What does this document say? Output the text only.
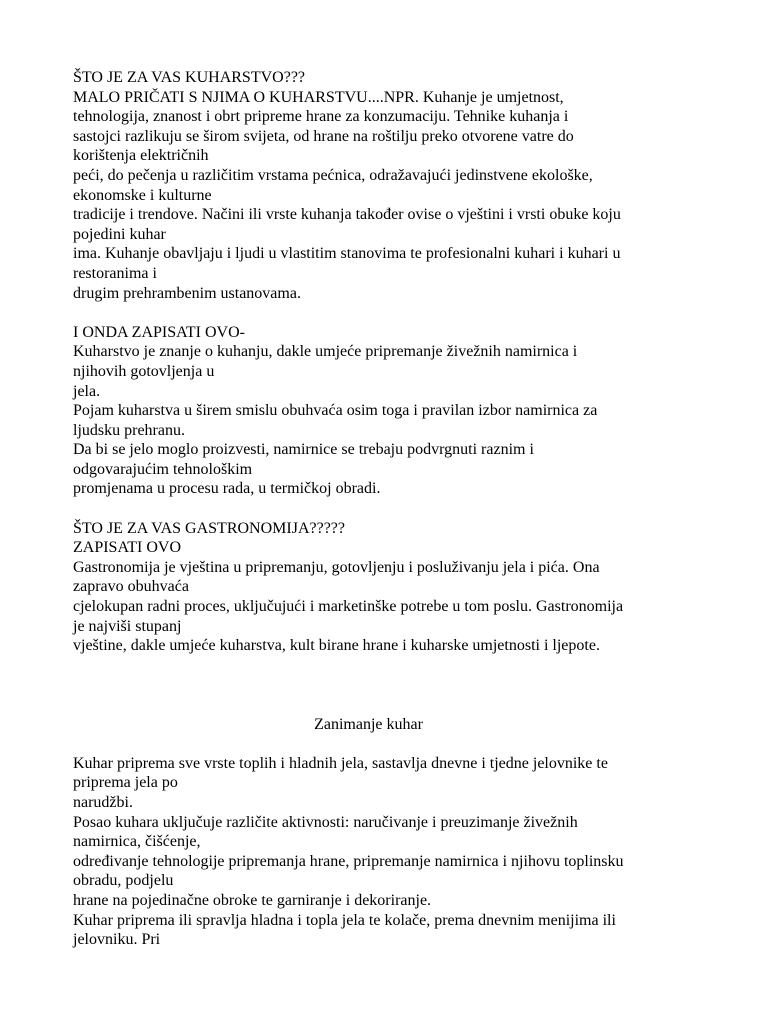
ŠTO JE ZA VAS KUHARSTVO???
MALO PRIČATI S NJIMA O KUHARSTVU....NPR. Kuhanje je umjetnost,
tehnologija, znanost i obrt pripreme hrane za konzumaciju. Tehnike kuhanja i
sastojci razlikuju se širom svijeta, od hrane na roštilju preko otvorene vatre do
korištenja električnih
peći, do pečenja u različitim vrstama pećnica, odražavajući jedinstvene ekološke,
ekonomske i kulturne
tradicije i trendove. Načini ili vrste kuhanja također ovise o vještini i vrsti obuke koju
pojedini kuhar
ima. Kuhanje obavljaju i ljudi u vlastitim stanovima te profesionalni kuhari i kuhari u
restoranima i
drugim prehrambenim ustanovama.
I ONDA ZAPISATI OVO-
Kuharstvo je znanje o kuhanju, dakle umjeće pripremanje živežnih namirnica i
njihovih gotovljenja u
jela.
Pojam kuharstva u širem smislu obuhvaća osim toga i pravilan izbor namirnica za
ljudsku prehranu.
Da bi se jelo moglo proizvesti, namirnice se trebaju podvrgnuti raznim i
odgovarajućim tehnološkim
promjenama u procesu rada, u termičkoj obradi.
ŠTO JE ZA VAS GASTRONOMIJA?????
ZAPISATI OVO
Gastronomija je vještina u pripremanju, gotovljenju i posluživanju jela i pića. Ona
zapravo obuhvaća
cjelokupan radni proces, uključujući i marketinške potrebe u tom poslu. Gastronomija
je najviši stupanj
vještine, dakle umjeće kuharstva, kult birane hrane i kuharske umjetnosti i ljepote.
Zanimanje kuhar
Kuhar priprema sve vrste toplih i hladnih jela, sastavlja dnevne i tjedne jelovnike te
priprema jela po
narudžbi.
Posao kuhara uključuje različite aktivnosti: naručivanje i preuzimanje živežnih
namirnica, čišćenje,
određivanje tehnologije pripremanja hrane, pripremanje namirnica i njihovu toplinsku
obradu, podjelu
hrane na pojedinačne obroke te garniranje i dekoriranje.
Kuhar priprema ili spravlja hladna i topla jela te kolače, prema dnevnim menijima ili
jelovniku. Pri
